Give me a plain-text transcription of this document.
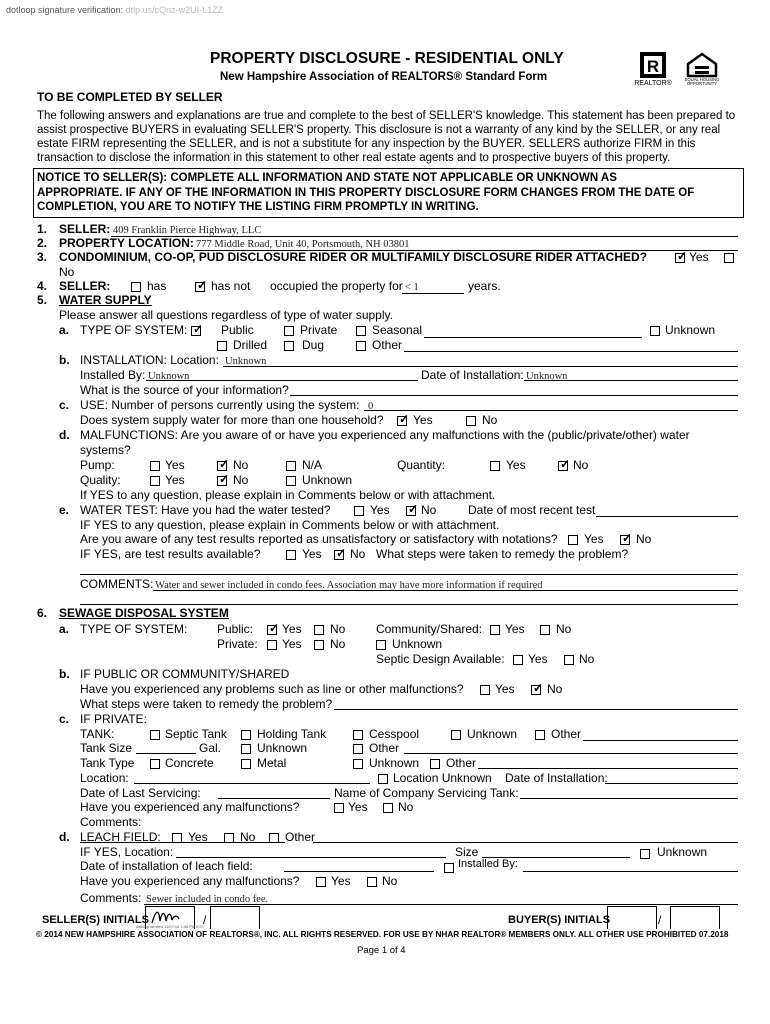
dotloop signature verification: dtlp.us/cQnz-w2UI-L1ZZ
PROPERTY DISCLOSURE - RESIDENTIAL ONLY
New Hampshire Association of REALTORS® Standard Form
R
REALTOR®
EQUAL HOUSING
OPPORTUNITY
TO BE COMPLETED BY SELLER
The following answers and explanations are true and complete to the best of SELLER'S knowledge. This statement has been prepared to
assist prospective BUYERS in evaluating SELLER'S property. This disclosure is not a warranty of any kind by the SELLER, or any real
estate FIRM representing the SELLER, and is not a substitute for any inspection by the BUYER. SELLERS authorize FIRM in this
transaction to disclose the information in this statement to other real estate agents and to prospective buyers of this property.
NOTICE TO SELLER(S): COMPLETE ALL INFORMATION AND STATE NOT APPLICABLE OR UNKNOWN AS
APPROPRIATE. IF ANY OF THE INFORMATION IN THIS PROPERTY DISCLOSURE FORM CHANGES FROM THE DATE OF
COMPLETION, YOU ARE TO NOTIFY THE LISTING FIRM PROMPTLY IN WRITING.
1. SELLER: 409 Franklin Pierce Highway, LLC
2. PROPERTY LOCATION: 777 Middle Road, Unit 40, Portsmouth, NH 03801
3. CONDOMINIUM, CO-OP, PUD DISCLOSURE RIDER OR MULTIFAMILY DISCLOSURE RIDER ATTACHED? ✓ Yes
No
4. SELLER:	has	✓ has not occupied the property for < 1	years.
5. WATER SUPPLY
Please answer all questions regardless of type of water supply.
a. TYPE OF SYSTEM: ✓ Public	Private	Seasonal	Unknown
Drilled	Dug	Other
b. INSTALLATION: Location: Unknown
Installed By: Unknown	Date of Installation: Unknown
What is the source of your information?
c. USE: Number of persons currently using the system: 0
Does system supply water for more than one household? ✓ Yes	No
d. MALFUNCTIONS: Are you aware of or have you experienced any malfunctions with the (public/private/other) water
systems?
Pump:	Yes	✓ No	N/A	Quantity:	Yes	✓ No
Quality:	Yes	✓ No	Unknown
If YES to any question, please explain in Comments below or with attachment.
e. WATER TEST: Have you had the water tested?	Yes ✓ No	Date of most recent test
IF YES to any question, please explain in Comments below or with attachment.
Are you aware of any test results reported as unsatisfactory or satisfactory with notations? Yes ✓ No
IF YES, are test results available?	Yes ✓ No What steps were taken to remedy the problem?
COMMENTS: Water and sewer included in condo fees. Association may have more information if required
6. SEWAGE DISPOSAL SYSTEM
a. TYPE OF SYSTEM: Public: ✓ Yes No
Private: Yes No
Community/Shared: Yes	No
Unknown
Septic Design Available: Yes	No
b. IF PUBLIC OR COMMUNITY/SHARED
Have you experienced any problems such as line or other malfunctions?	Yes ✓ No
What steps were taken to remedy the problem?
c. IF PRIVATE:
TANK:	Septic Tank	Holding Tank	Cesspool	Unknown	Other
Tank Size	Gal.	Unknown	Other
Tank Type	Concrete	Metal	Unknown Other
Location:	Location Unknown Date of Installation:
Date of Last Servicing:	Name of Company Servicing Tank:
Have you experienced any malfunctions?	Yes	No
Comments:
d. LEACH FIELD: Yes	No Other
IF YES, Location:	Size	Unknown
Date of installation of leach field:	Installed By:
Have you experienced any malfunctions?	Yes	No
Comments: Sewer included in condo fee.
SELLER(S) INITIALS
dotloop verified 11/07/18 1:46 PM EST
/	BUYER(S) INITIALS	/
© 2014 NEW HAMPSHIRE ASSOCIATION OF REALTORS®, INC. ALL RIGHTS RESERVED. FOR USE BY NHAR REALTOR® MEMBERS ONLY. ALL OTHER USE PROHIBITED 07.2018
Page 1 of 4
